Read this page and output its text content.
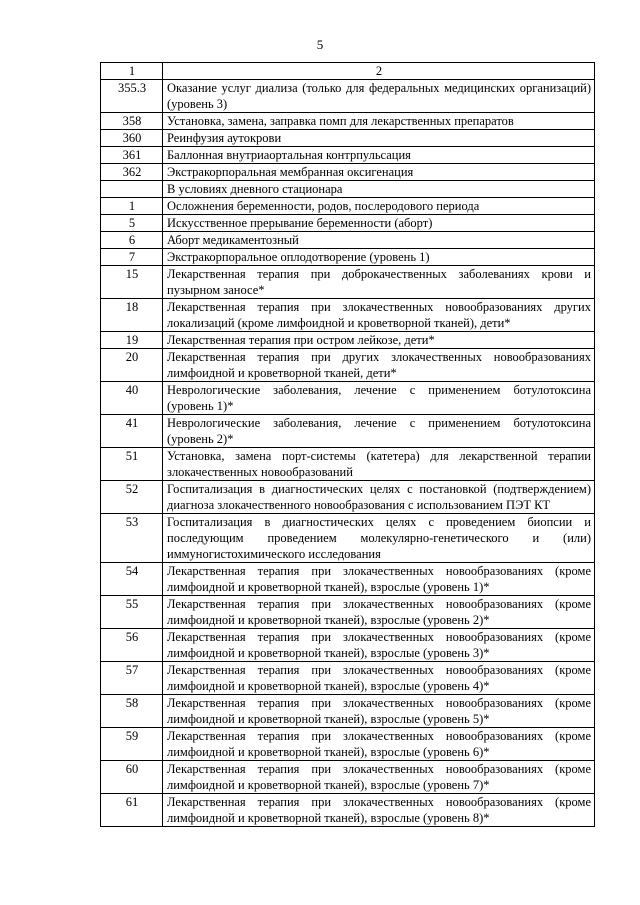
5
1	2
355.3	Оказание услуг диализа (только для федеральных медицинских организаций) (уровень 3)
358	Установка, замена, заправка помп для лекарственных препаратов
360	Реинфузия аутокрови
361	Баллонная внутриаортальная контрпульсация
362	Экстракорпоральная мембранная оксигенация
	В условиях дневного стационара
1	Осложнения беременности, родов, послеродового периода
5	Искусственное прерывание беременности (аборт)
6	Аборт медикаментозный
7	Экстракорпоральное оплодотворение (уровень 1)
15	Лекарственная терапия при доброкачественных заболеваниях крови и пузырном заносе*
18	Лекарственная терапия при злокачественных новообразованиях других локализаций (кроме лимфоидной и кроветворной тканей), дети*
19	Лекарственная терапия при остром лейкозе, дети*
20	Лекарственная терапия при других злокачественных новообразованиях лимфоидной и кроветворной тканей, дети*
40	Неврологические заболевания, лечение с применением ботулотоксина (уровень 1)*
41	Неврологические заболевания, лечение с применением ботулотоксина (уровень 2)*
51	Установка, замена порт-системы (катетера) для лекарственной терапии злокачественных новообразований
52	Госпитализация в диагностических целях с постановкой (подтверждением) диагноза злокачественного новообразования с использованием ПЭТ КТ
53	Госпитализация в диагностических целях с проведением биопсии и последующим проведением молекулярно-генетического и (или) иммуногистохимического исследования
54	Лекарственная терапия при злокачественных новообразованиях (кроме лимфоидной и кроветворной тканей), взрослые (уровень 1)*
55	Лекарственная терапия при злокачественных новообразованиях (кроме лимфоидной и кроветворной тканей), взрослые (уровень 2)*
56	Лекарственная терапия при злокачественных новообразованиях (кроме лимфоидной и кроветворной тканей), взрослые (уровень 3)*
57	Лекарственная терапия при злокачественных новообразованиях (кроме лимфоидной и кроветворной тканей), взрослые (уровень 4)*
58	Лекарственная терапия при злокачественных новообразованиях (кроме лимфоидной и кроветворной тканей), взрослые (уровень 5)*
59	Лекарственная терапия при злокачественных новообразованиях (кроме лимфоидной и кроветворной тканей), взрослые (уровень 6)*
60	Лекарственная терапия при злокачественных новообразованиях (кроме лимфоидной и кроветворной тканей), взрослые (уровень 7)*
61	Лекарственная терапия при злокачественных новообразованиях (кроме лимфоидной и кроветворной тканей), взрослые (уровень 8)*
